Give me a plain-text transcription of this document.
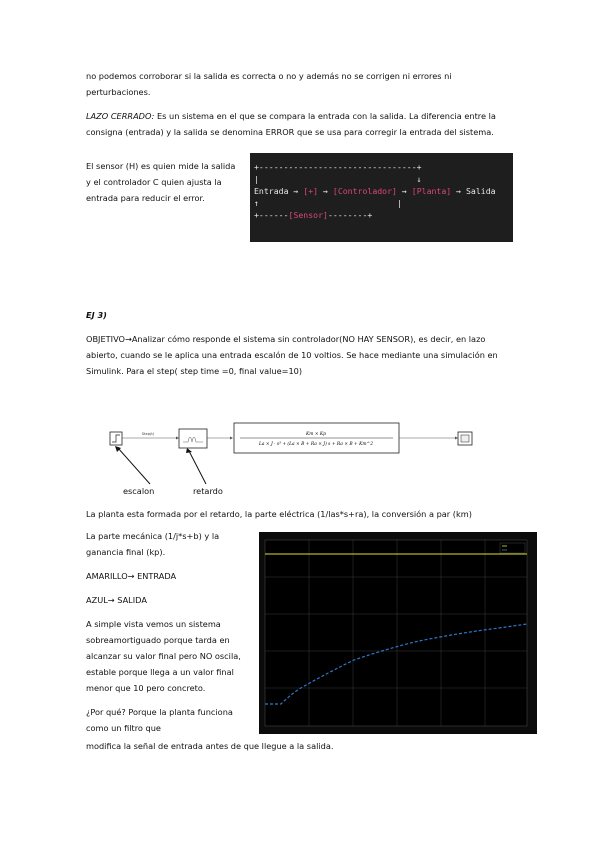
no podemos corroborar si la salida es correcta o no y además no se corrigen ni errores ni perturbaciones.
LAZO CERRADO: Es un sistema en el que se compara la entrada con la salida. La diferencia entre la consigna (entrada) y la salida se denomina ERROR que se usa para corregir la entrada del sistema.
El sensor (H) es quien mide la salida y el controlador C quien ajusta la entrada para reducir el error.
+--------------------------------+
|                                ↓
Entrada → [+] → [Controlador] → [Planta] → Salida
↑                            |
+------[Sensor]--------+
EJ 3)
OBJETIVO→Analizar cómo responde el sistema sin controlador(NO HAY SENSOR), es decir, en lazo abierto, cuando se le aplica una entrada escalón de 10 voltios. Se hace mediante una simulación en Simulink. Para el step( step time =0, final value=10)
Step(t)	Km × Kp
La × J · s³ + (La × B + Ra × J) s + Ra × B + Km^2
escalon	retardo
La planta esta formada por el retardo, la parte eléctrica (1/las*s+ra), la conversión a par (km)

La parte mecánica (1/j*s+b) y la ganancia final (kp).

AMARILLO→ ENTRADA

AZUL→ SALIDA

A simple vista vemos un sistema sobreamortiguado porque tarda en alcanzar su valor final pero NO oscila, estable porque llega a un valor final menor que 10 pero concreto.

¿Por qué? Porque la planta funciona como un filtro que

modifica la señal de entrada antes de que llegue a la salida.
